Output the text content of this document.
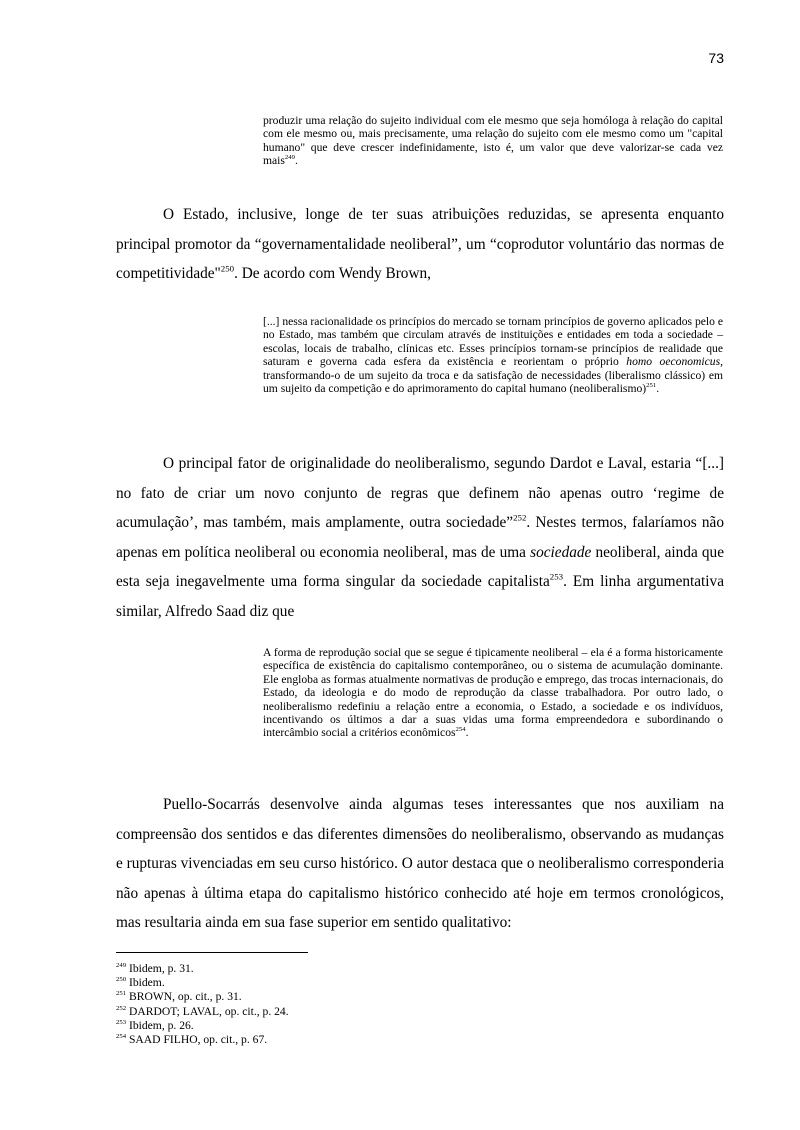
73

produzir uma relação do sujeito individual com ele mesmo que seja homóloga à relação do capital com ele mesmo ou, mais precisamente, uma relação do sujeito com ele mesmo como um "capital humano" que deve crescer indefinidamente, isto é, um valor que deve valorizar-se cada vez mais$^{249}$.

O Estado, inclusive, longe de ter suas atribuições reduzidas, se apresenta enquanto principal promotor da “governamentalidade neoliberal”, um “coprodutor voluntário das normas de competitividade"$^{250}$. De acordo com Wendy Brown,

[...] nessa racionalidade os princípios do mercado se tornam princípios de governo aplicados pelo e no Estado, mas também que circulam através de instituições e entidades em toda a sociedade – escolas, locais de trabalho, clínicas etc. Esses princípios tornam-se princípios de realidade que saturam e governa cada esfera da existência e reorientam o próprio homo oeconomicus, transformando-o de um sujeito da troca e da satisfação de necessidades (liberalismo clássico) em um sujeito da competição e do aprimoramento do capital humano (neoliberalismo)$^{251}$.

O principal fator de originalidade do neoliberalismo, segundo Dardot e Laval, estaria “[...] no fato de criar um novo conjunto de regras que definem não apenas outro ‘regime de acumulação’, mas também, mais amplamente, outra sociedade”$^{252}$. Nestes termos, falaríamos não apenas em política neoliberal ou economia neoliberal, mas de uma sociedade neoliberal, ainda que esta seja inegavelmente uma forma singular da sociedade capitalista$^{253}$. Em linha argumentativa similar, Alfredo Saad diz que

A forma de reprodução social que se segue é tipicamente neoliberal – ela é a forma historicamente específica de existência do capitalismo contemporâneo, ou o sistema de acumulação dominante. Ele engloba as formas atualmente normativas de produção e emprego, das trocas internacionais, do Estado, da ideologia e do modo de reprodução da classe trabalhadora. Por outro lado, o neoliberalismo redefiniu a relação entre a economia, o Estado, a sociedade e os indivíduos, incentivando os últimos a dar a suas vidas uma forma empreendedora e subordinando o intercâmbio social a critérios econômicos$^{254}$.

Puello-Socarrás desenvolve ainda algumas teses interessantes que nos auxiliam na compreensão dos sentidos e das diferentes dimensões do neoliberalismo, observando as mudanças e rupturas vivenciadas em seu curso histórico. O autor destaca que o neoliberalismo corresponderia não apenas à última etapa do capitalismo histórico conhecido até hoje em termos cronológicos, mas resultaria ainda em sua fase superior em sentido qualitativo:

$^{249}$ Ibidem, p. 31.
$^{250}$ Ibidem.
$^{251}$ BROWN, op. cit., p. 31.
$^{252}$ DARDOT; LAVAL, op. cit., p. 24.
$^{253}$ Ibidem, p. 26.
$^{254}$ SAAD FILHO, op. cit., p. 67.
